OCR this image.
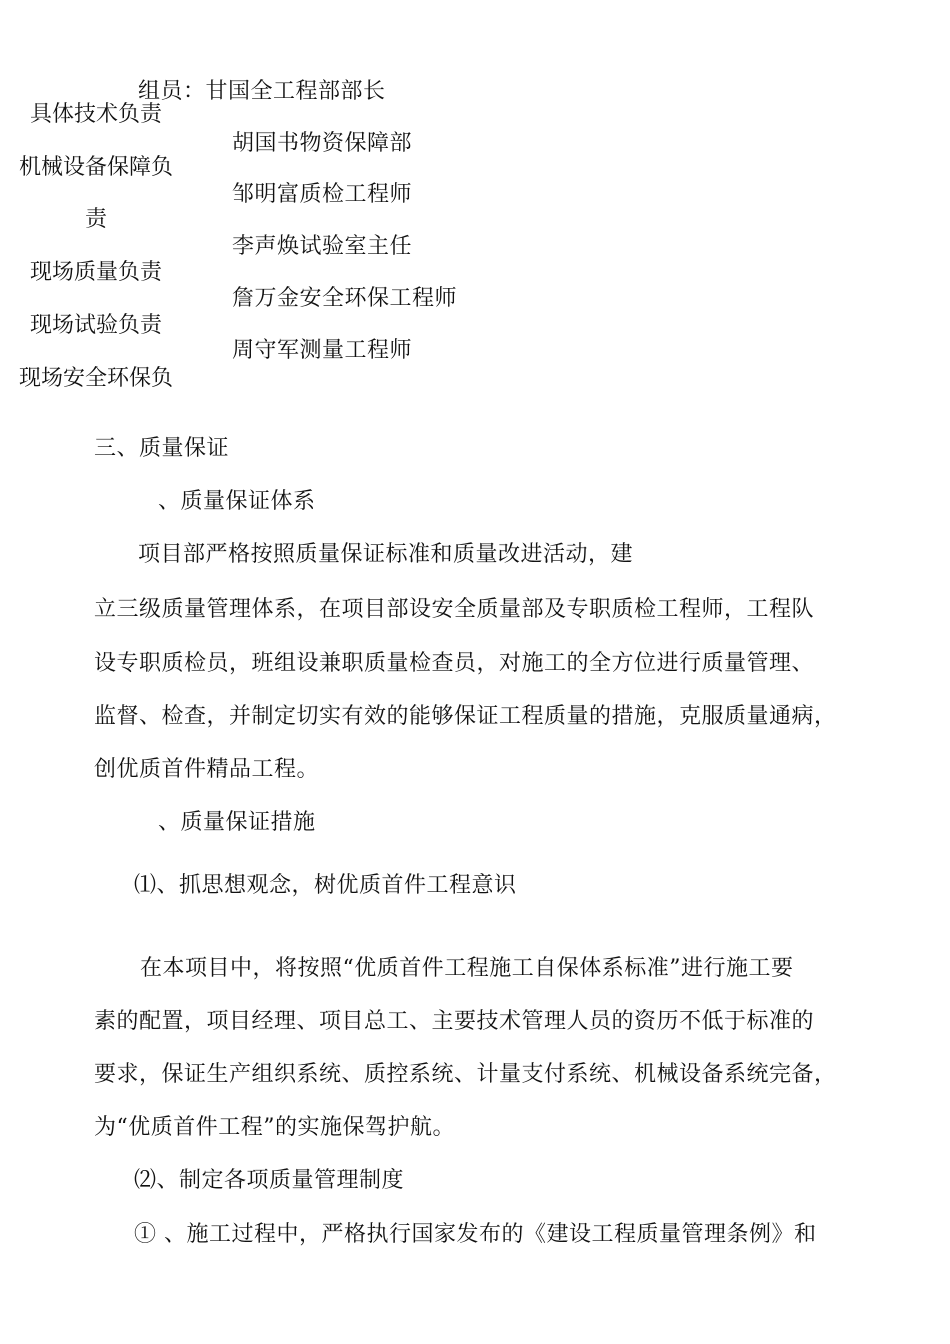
组员：甘国全工程部部长
具体技术负责
机械设备保障负
责
现场质量负责
现场试验负责
现场安全环保负
胡国书物资保障部
邹明富质检工程师
李声焕试验室主任
詹万金安全环保工程师
周守军测量工程师
三、质量保证
、质量保证体系
项目部严格按照质量保证标准和质量改进活动，建
立三级质量管理体系，在项目部设安全质量部及专职质检工程师，工程队
设专职质检员，班组设兼职质量检查员，对施工的全方位进行质量管理、
监督、检查，并制定切实有效的能够保证工程质量的措施，克服质量通病，
创优质首件精品工程。
、质量保证措施
⑴、抓思想观念，树优质首件工程意识
在本项目中，将按照“优质首件工程施工自保体系标准”进行施工要
素的配置，项目经理、项目总工、主要技术管理人员的资历不低于标准的
要求，保证生产组织系统、质控系统、计量支付系统、机械设备系统完备，
为“优质首件工程”的实施保驾护航。
⑵、制定各项质量管理制度
① 、施工过程中，严格执行国家发布的《建设工程质量管理条例》和
